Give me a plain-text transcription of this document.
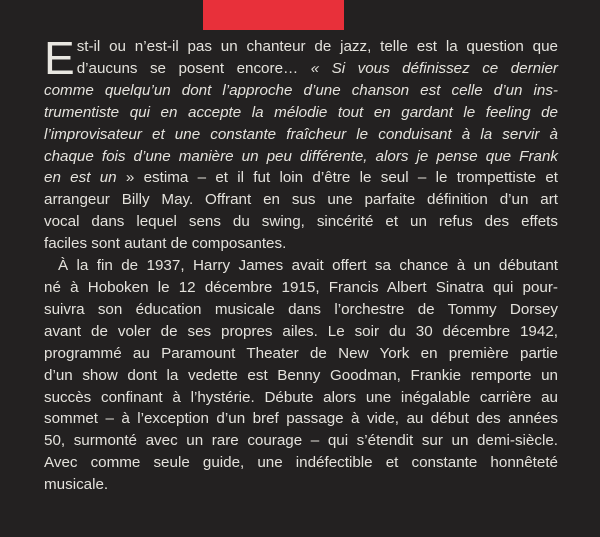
E st-il ou n’est-il pas un chanteur de jazz, telle est la question que
d’aucuns se posent encore… « Si vous définissez ce dernier
comme quelqu’un dont l’approche d’une chanson est celle d’un ins-
trumentiste qui en accepte la mélodie tout en gardant le feeling de
l’improvisateur et une constante fraîcheur le conduisant à la servir à
chaque fois d’une manière un peu différente, alors je pense que Frank
en est un » estima – et il fut loin d’être le seul – le trompettiste et
arrangeur Billy May. Offrant en sus une parfaite définition d’un art
vocal dans lequel sens du swing, sincérité et un refus des effets
faciles sont autant de composantes.
À la fin de 1937, Harry James avait offert sa chance à un débutant
né à Hoboken le 12 décembre 1915, Francis Albert Sinatra qui pour-
suivra son éducation musicale dans l’orchestre de Tommy Dorsey
avant de voler de ses propres ailes. Le soir du 30 décembre 1942,
programmé au Paramount Theater de New York en première partie
d’un show dont la vedette est Benny Goodman, Frankie remporte un
succès confinant à l’hystérie. Débute alors une inégalable carrière au
sommet – à l’exception d’un bref passage à vide, au début des années
50, surmonté avec un rare courage – qui s’étendit sur un demi-siècle.
Avec comme seule guide, une indéfectible et constante honnêteté
musicale.
